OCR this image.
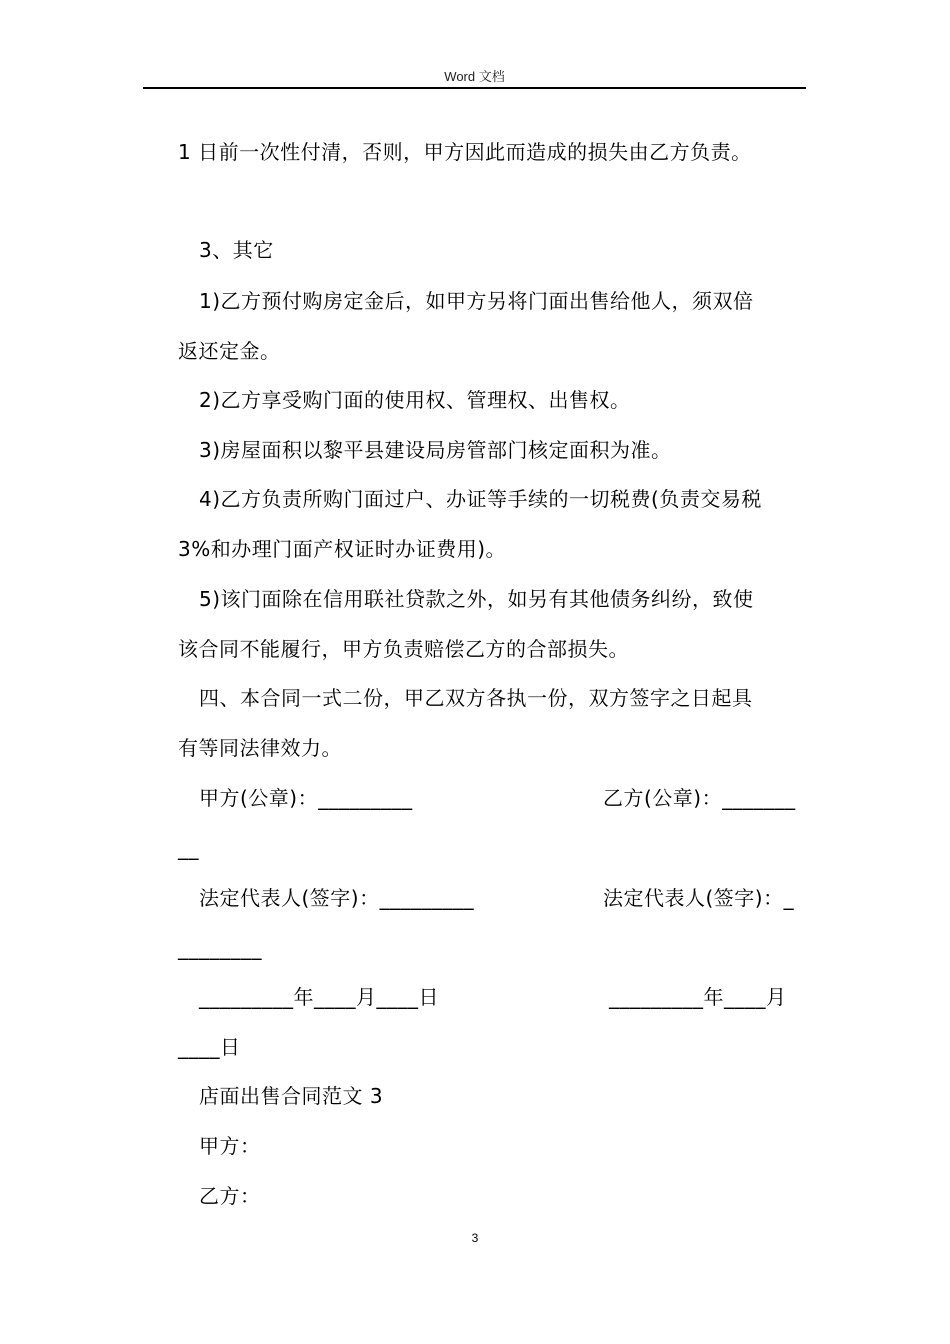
Word 文档
1 日前一次性付清，否则，甲方因此而造成的损失由乙方负责。
3、其它
1)乙方预付购房定金后，如甲方另将门面出售给他人，须双倍
返还定金。
2)乙方享受购门面的使用权、管理权、出售权。
3)房屋面积以黎平县建设局房管部门核定面积为准。
4)乙方负责所购门面过户、办证等手续的一切税费(负责交易税
3%和办理门面产权证时办证费用)。
5)该门面除在信用联社贷款之外，如另有其他债务纠纷，致使
该合同不能履行，甲方负责赔偿乙方的合部损失。
四、本合同一式二份，甲乙双方各执一份，双方签字之日起具
有等同法律效力。
甲方(公章)：_________	乙方(公章)：_______
__
法定代表人(签字)：_________	法定代表人(签字)：_
________
_________年____月____日	_________年____月
____日
店面出售合同范文 3
甲方：
乙方：
3
